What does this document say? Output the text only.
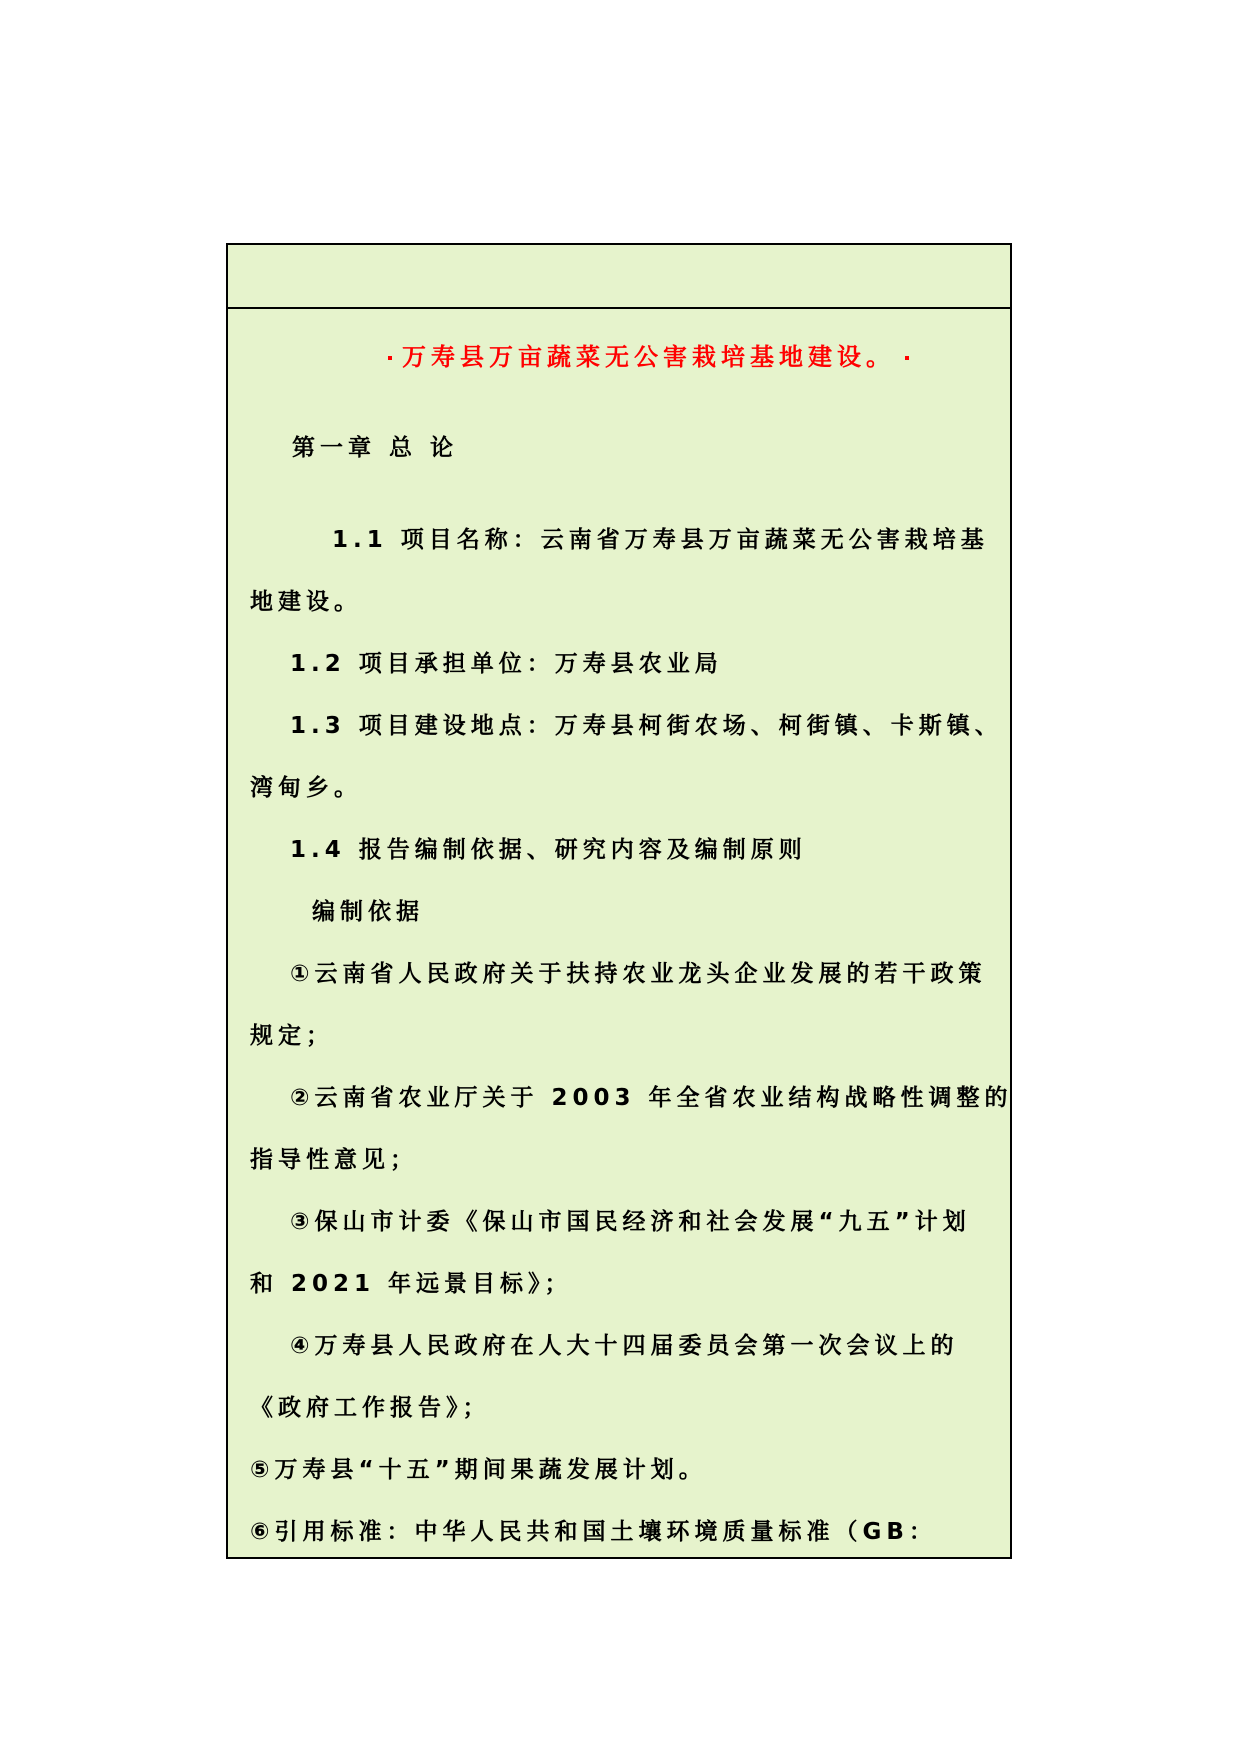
万寿县万亩蔬菜无公害栽培基地建设。

第一章 总 论

1.1 项目名称：云南省万寿县万亩蔬菜无公害栽培基

地建设。

1.2 项目承担单位：万寿县农业局

1.3 项目建设地点：万寿县柯街农场、柯街镇、卡斯镇、

湾甸乡。

1.4 报告编制依据、研究内容及编制原则

编制依据

①云南省人民政府关于扶持农业龙头企业发展的若干政策

规定；

②云南省农业厅关于 2003 年全省农业结构战略性调整的

指导性意见；

③保山市计委《保山市国民经济和社会发展“九五”计划

和 2021 年远景目标》；

④万寿县人民政府在人大十四届委员会第一次会议上的

《政府工作报告》；

⑤万寿县“十五”期间果蔬发展计划。

⑥引用标准：中华人民共和国土壤环境质量标准（GB：
